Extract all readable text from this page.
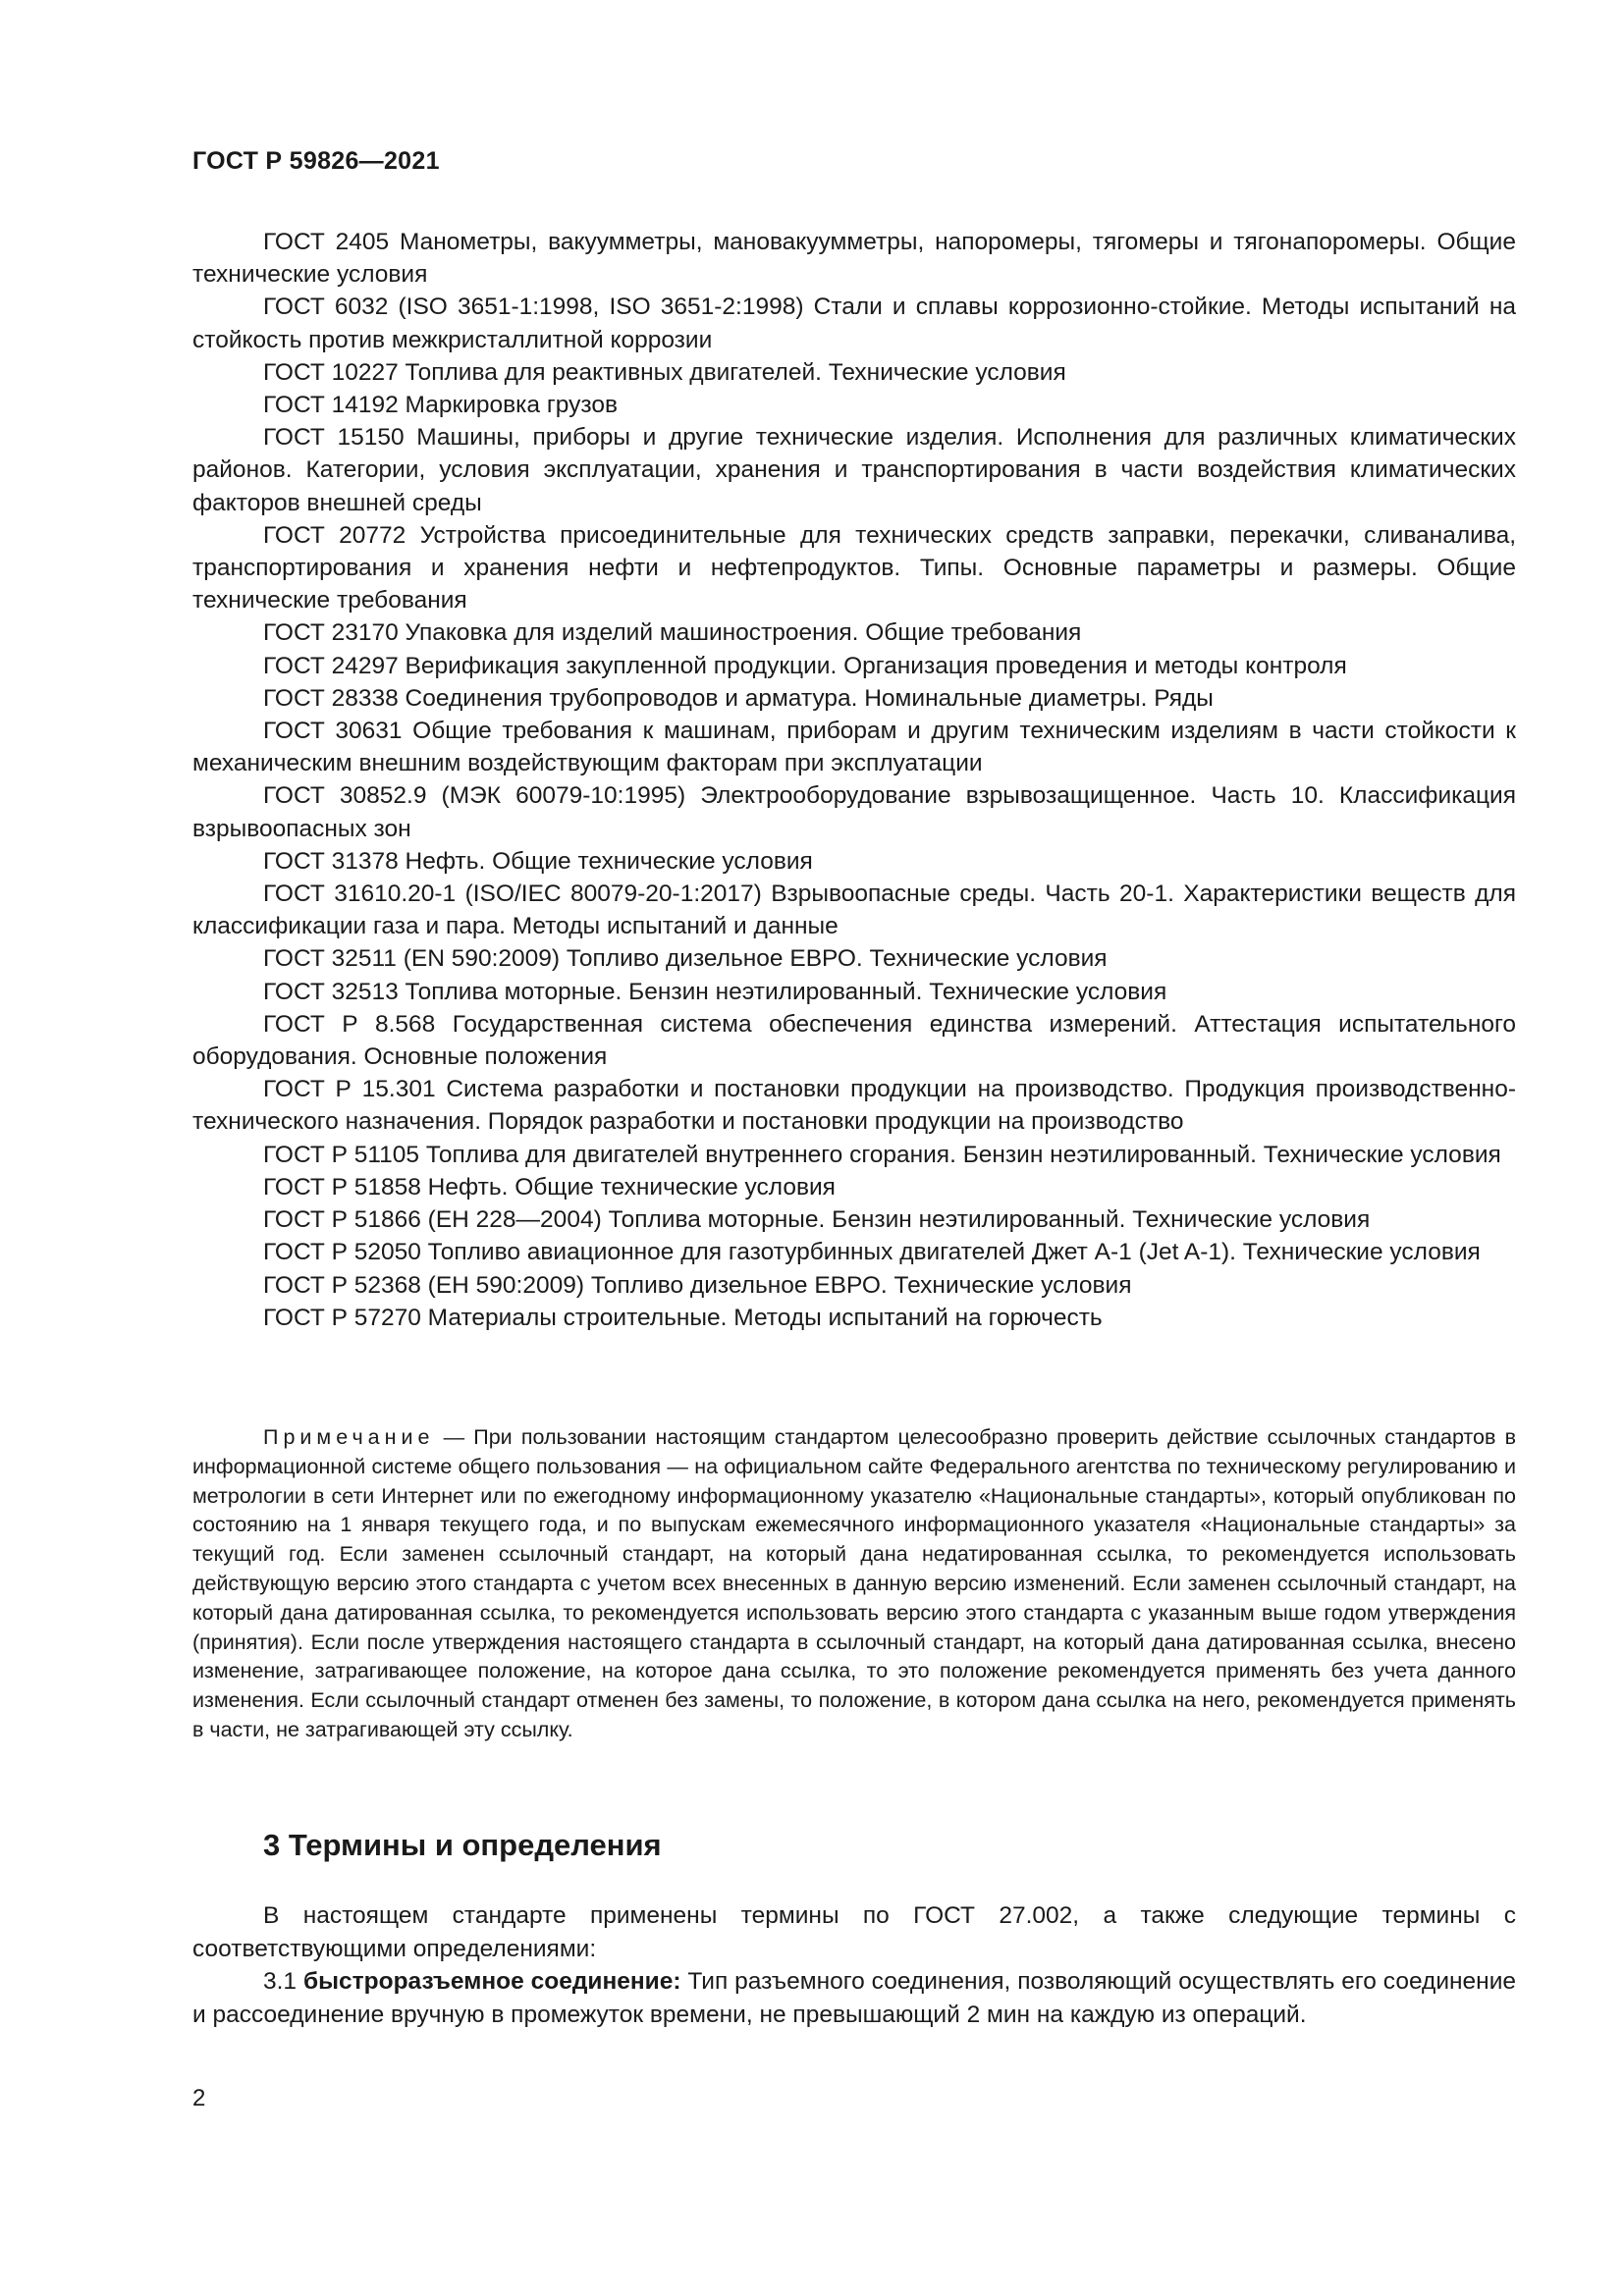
ГОСТ Р 59826—2021

ГОСТ 2405 Манометры, вакуумметры, мановакуумметры, напоромеры, тягомеры и тягонапоромеры. Общие технические условия

ГОСТ 6032 (ISO 3651-1:1998, ISO 3651-2:1998) Стали и сплавы коррозионно-стойкие. Методы испытаний на стойкость против межкристаллитной коррозии

ГОСТ 10227 Топлива для реактивных двигателей. Технические условия

ГОСТ 14192 Маркировка грузов

ГОСТ 15150 Машины, приборы и другие технические изделия. Исполнения для различных климатических районов. Категории, условия эксплуатации, хранения и транспортирования в части воздействия климатических факторов внешней среды

ГОСТ 20772 Устройства присоединительные для технических средств заправки, перекачки, сливаналива, транспортирования и хранения нефти и нефтепродуктов. Типы. Основные параметры и размеры. Общие технические требования

ГОСТ 23170 Упаковка для изделий машиностроения. Общие требования

ГОСТ 24297 Верификация закупленной продукции. Организация проведения и методы контроля

ГОСТ 28338 Соединения трубопроводов и арматура. Номинальные диаметры. Ряды

ГОСТ 30631 Общие требования к машинам, приборам и другим техническим изделиям в части стойкости к механическим внешним воздействующим факторам при эксплуатации

ГОСТ 30852.9 (МЭК 60079-10:1995) Электрооборудование взрывозащищенное. Часть 10. Классификация взрывоопасных зон

ГОСТ 31378 Нефть. Общие технические условия

ГОСТ 31610.20-1 (ISO/IEC 80079-20-1:2017) Взрывоопасные среды. Часть 20-1. Характеристики веществ для классификации газа и пара. Методы испытаний и данные

ГОСТ 32511 (EN 590:2009) Топливо дизельное ЕВРО. Технические условия

ГОСТ 32513 Топлива моторные. Бензин неэтилированный. Технические условия

ГОСТ Р 8.568 Государственная система обеспечения единства измерений. Аттестация испытательного оборудования. Основные положения

ГОСТ Р 15.301 Система разработки и постановки продукции на производство. Продукция производственно-технического назначения. Порядок разработки и постановки продукции на производство

ГОСТ Р 51105 Топлива для двигателей внутреннего сгорания. Бензин неэтилированный. Технические условия

ГОСТ Р 51858 Нефть. Общие технические условия

ГОСТ Р 51866 (ЕН 228—2004) Топлива моторные. Бензин неэтилированный. Технические условия

ГОСТ Р 52050 Топливо авиационное для газотурбинных двигателей Джет А-1 (Jet A-1). Технические условия

ГОСТ Р 52368 (ЕН 590:2009) Топливо дизельное ЕВРО. Технические условия

ГОСТ Р 57270 Материалы строительные. Методы испытаний на горючесть

Примечание — При пользовании настоящим стандартом целесообразно проверить действие ссылочных стандартов в информационной системе общего пользования — на официальном сайте Федерального агентства по техническому регулированию и метрологии в сети Интернет или по ежегодному информационному указателю «Национальные стандарты», который опубликован по состоянию на 1 января текущего года, и по выпускам ежемесячного информационного указателя «Национальные стандарты» за текущий год. Если заменен ссылочный стандарт, на который дана недатированная ссылка, то рекомендуется использовать действующую версию этого стандарта с учетом всех внесенных в данную версию изменений. Если заменен ссылочный стандарт, на который дана датированная ссылка, то рекомендуется использовать версию этого стандарта с указанным выше годом утверждения (принятия). Если после утверждения настоящего стандарта в ссылочный стандарт, на который дана датированная ссылка, внесено изменение, затрагивающее положение, на которое дана ссылка, то это положение рекомендуется применять без учета данного изменения. Если ссылочный стандарт отменен без замены, то положение, в котором дана ссылка на него, рекомендуется применять в части, не затрагивающей эту ссылку.

3 Термины и определения

В настоящем стандарте применены термины по ГОСТ 27.002, а также следующие термины с соответствующими определениями:

3.1 быстроразъемное соединение: Тип разъемного соединения, позволяющий осуществлять его соединение и рассоединение вручную в промежуток времени, не превышающий 2 мин на каждую из операций.

2
